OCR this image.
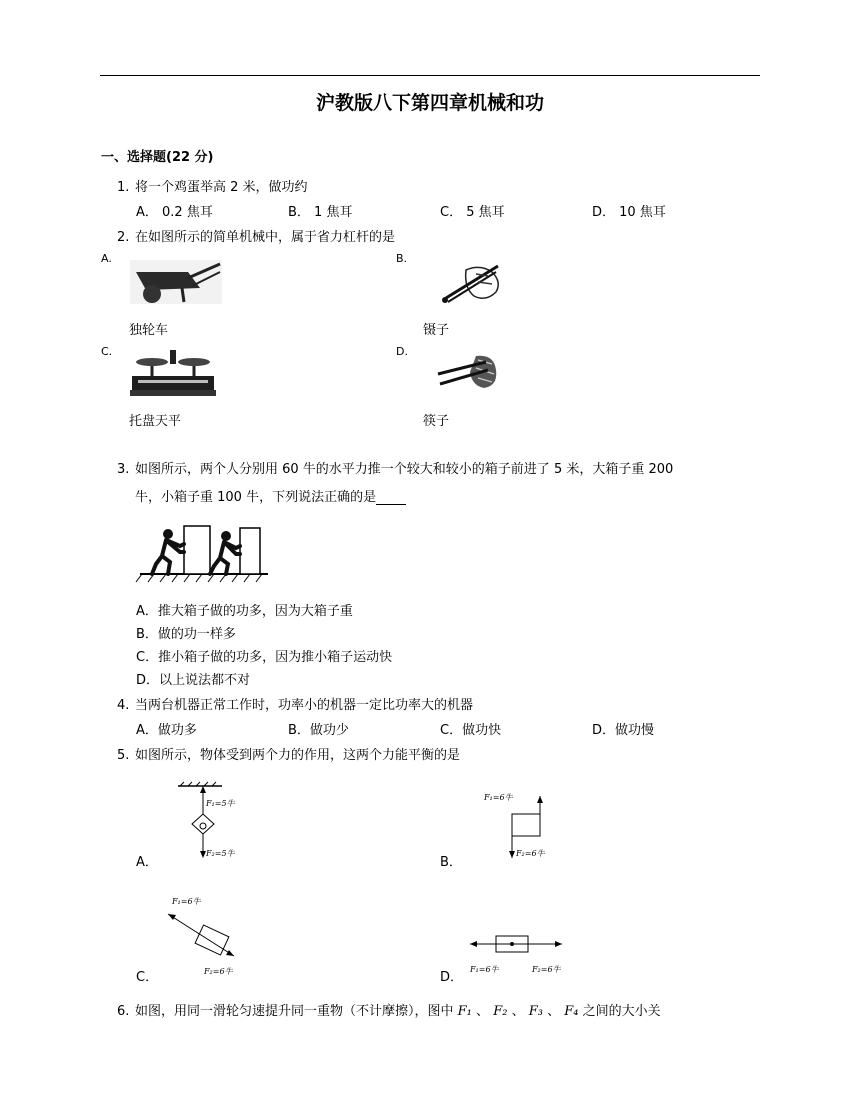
沪教版八下第四章机械和功
一、选择题(22 分)
1. 将一个鸡蛋举高 2 米，做功约
A． 0.2 焦耳	B． 1 焦耳	C． 5 焦耳	D． 10 焦耳
2. 在如图所示的简单机械中，属于省力杠杆的是
A.	B.
C.	D.
独轮车	镊子
托盘天平	筷子
3. 如图所示，两个人分别用 60 牛的水平力推一个较大和较小的箱子前进了 5 米，大箱子重 200
牛，小箱子重 100 牛，下列说法正确的是
A．推大箱子做的功多，因为大箱子重
B．做的功一样多
C．推小箱子做的功多，因为推小箱子运动快
D．以上说法都不对
4. 当两台机器正常工作时，功率小的机器一定比功率大的机器
A．做功多	B．做功少	C．做功快	D．做功慢
5. 如图所示，物体受到两个力的作用，这两个力能平衡的是
A．	B．
C．	D．
F₁=5牛
F₂=5牛
F₁=6牛
F₂=6牛
F₁=6牛
F₂=6牛	F₁=6牛	F₂=6牛
6. 如图，用同一滑轮匀速提升同一重物（不计摩擦），图中 F₁ 、 F₂ 、 F₃ 、 F₄ 之间的大小关
